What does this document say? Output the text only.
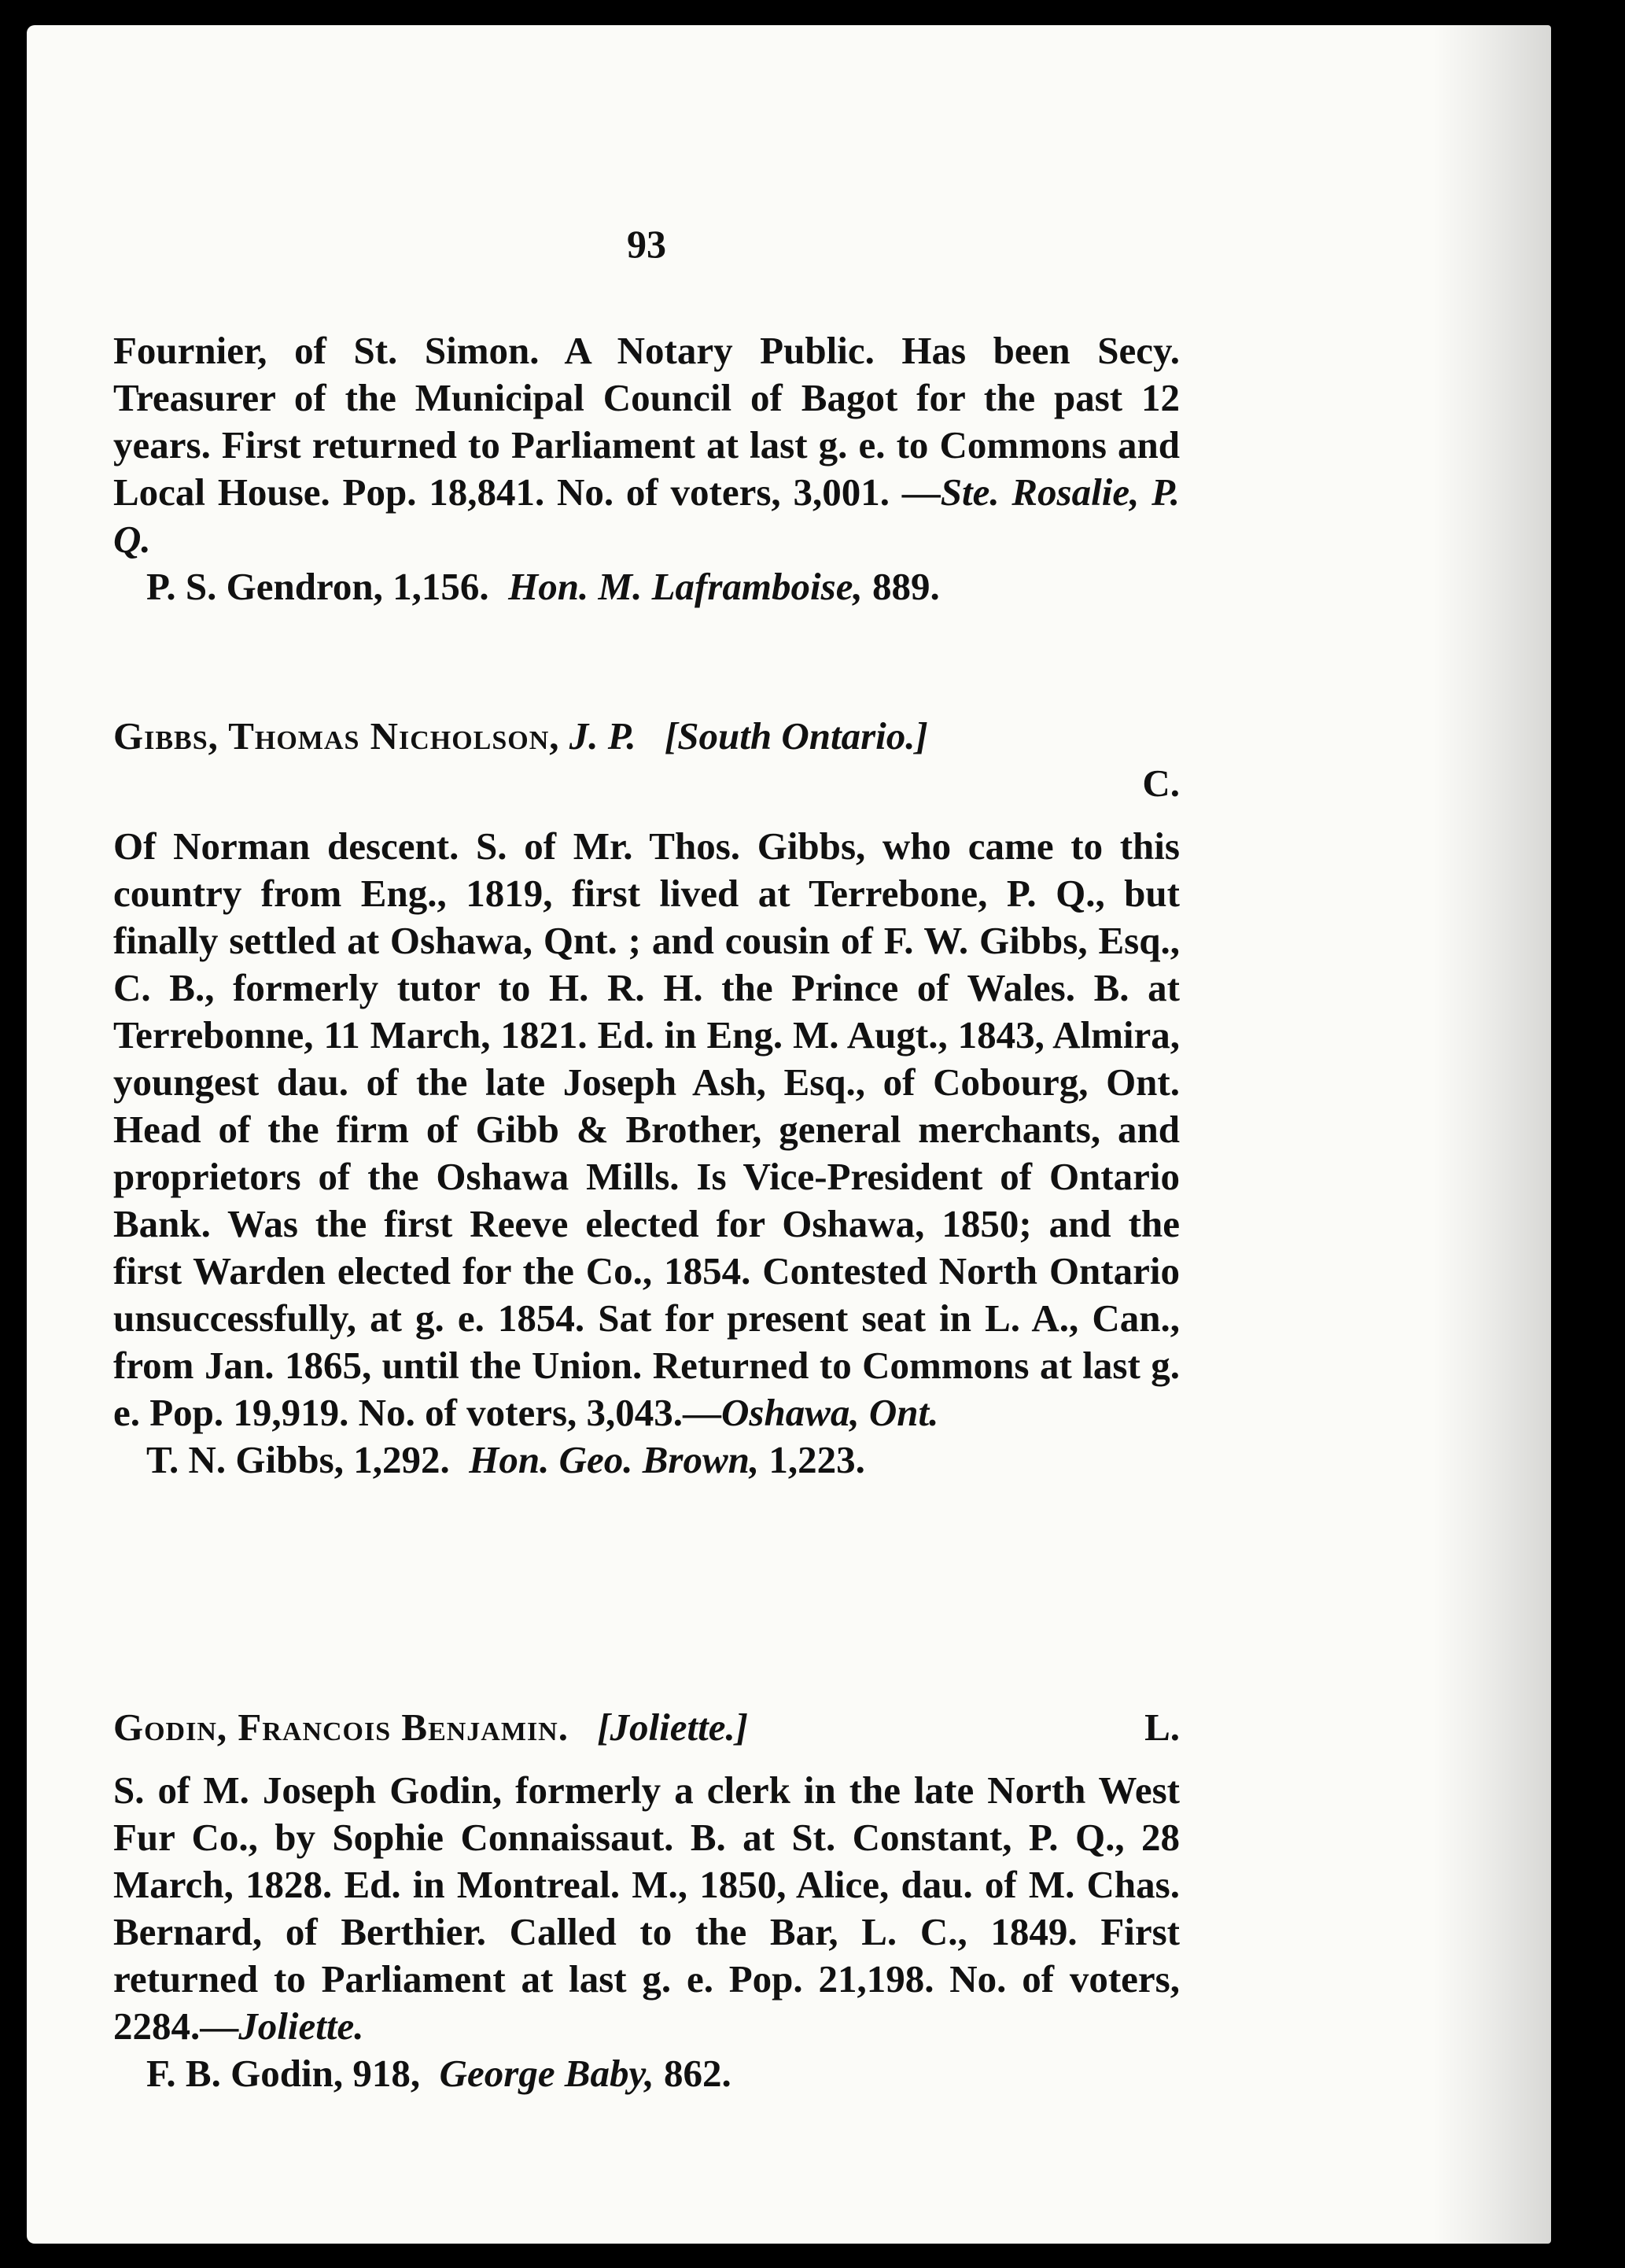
93

Fournier, of St. Simon. A Notary Public. Has been Secy. Treasurer of the Municipal Council of Bagot for the past 12 years. First returned to Parliament at last g. e. to Commons and Local House. Pop. 18,841. No. of voters, 3,001. —Ste. Rosalie, P. Q.

P. S. Gendron, 1,156. Hon. M. Laframboise, 889.

Gibbs, Thomas Nicholson, J. P. [South Ontario.]
C.

Of Norman descent. S. of Mr. Thos. Gibbs, who came to this country from Eng., 1819, first lived at Terrebone, P. Q., but finally settled at Oshawa, Qnt. ; and cousin of F. W. Gibbs, Esq., C. B., formerly tutor to H. R. H. the Prince of Wales. B. at Terrebonne, 11 March, 1821. Ed. in Eng. M. Augt., 1843, Almira, youngest dau. of the late Joseph Ash, Esq., of Cobourg, Ont. Head of the firm of Gibb & Brother, general merchants, and proprietors of the Oshawa Mills. Is Vice-President of Ontario Bank. Was the first Reeve elected for Oshawa, 1850; and the first Warden elected for the Co., 1854. Contested North Ontario unsuccessfully, at g. e. 1854. Sat for present seat in L. A., Can., from Jan. 1865, until the Union. Returned to Commons at last g. e. Pop. 19,919. No. of voters, 3,043.—Oshawa, Ont.

T. N. Gibbs, 1,292. Hon. Geo. Brown, 1,223.

Godin, Francois Benjamin. [Joliette.]	L.

S. of M. Joseph Godin, formerly a clerk in the late North West Fur Co., by Sophie Connaissaut. B. at St. Constant, P. Q., 28 March, 1828. Ed. in Montreal. M., 1850, Alice, dau. of M. Chas. Bernard, of Berthier. Called to the Bar, L. C., 1849. First returned to Parliament at last g. e. Pop. 21,198. No. of voters, 2284.—Joliette.

F. B. Godin, 918, George Baby, 862.
